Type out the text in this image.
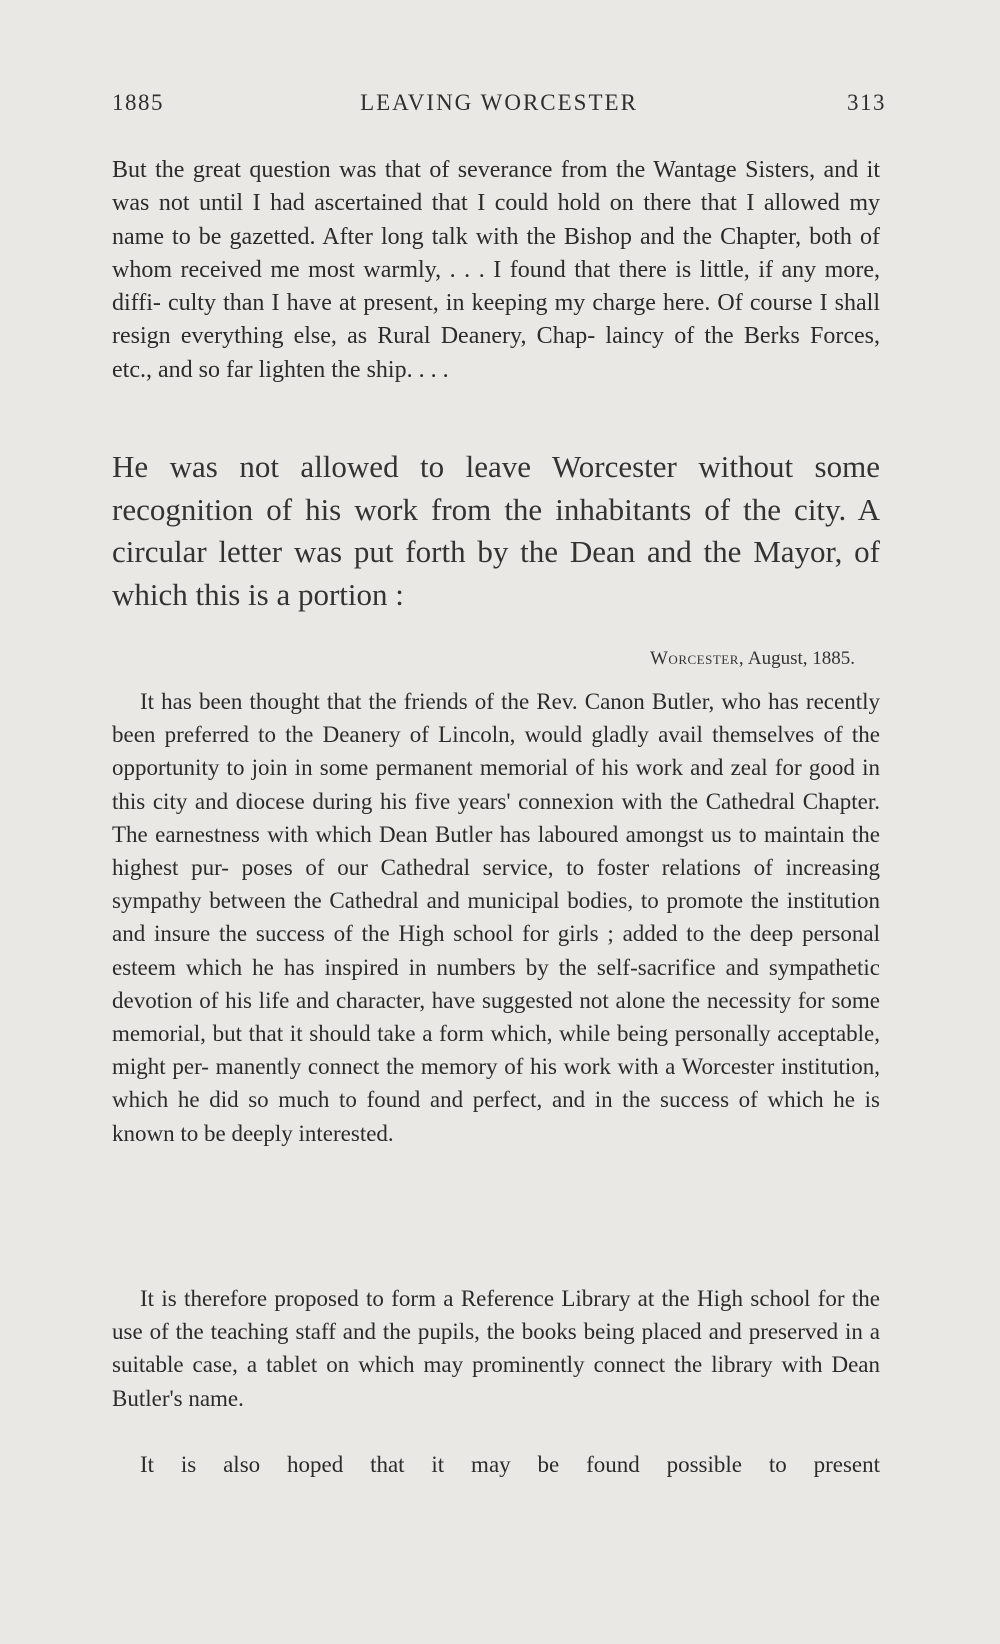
1885	LEAVING WORCESTER	313
But the great question was that of severance from the Wantage Sisters, and it was not until I had ascertained that I could hold on there that I allowed my name to be gazetted. After long talk with the Bishop and the Chapter, both of whom received me most warmly, . . . I found that there is little, if any more, diffi- culty than I have at present, in keeping my charge here. Of course I shall resign everything else, as Rural Deanery, Chap- laincy of the Berks Forces, etc., and so far lighten the ship. . . .
He was not allowed to leave Worcester without some recognition of his work from the inhabitants of the city. A circular letter was put forth by the Dean and the Mayor, of which this is a portion :
Worcester, August, 1885.
It has been thought that the friends of the Rev. Canon Butler, who has recently been preferred to the Deanery of Lincoln, would gladly avail themselves of the opportunity to join in some permanent memorial of his work and zeal for good in this city and diocese during his five years' connexion with the Cathedral Chapter. The earnestness with which Dean Butler has laboured amongst us to maintain the highest pur- poses of our Cathedral service, to foster relations of increasing sympathy between the Cathedral and municipal bodies, to promote the institution and insure the success of the High school for girls ; added to the deep personal esteem which he has inspired in numbers by the self-sacrifice and sympathetic devotion of his life and character, have suggested not alone the necessity for some memorial, but that it should take a form which, while being personally acceptable, might per- manently connect the memory of his work with a Worcester institution, which he did so much to found and perfect, and in the success of which he is known to be deeply interested.
It is therefore proposed to form a Reference Library at the High school for the use of the teaching staff and the pupils, the books being placed and preserved in a suitable case, a tablet on which may prominently connect the library with Dean Butler's name.
It is also hoped that it may be found possible to present
